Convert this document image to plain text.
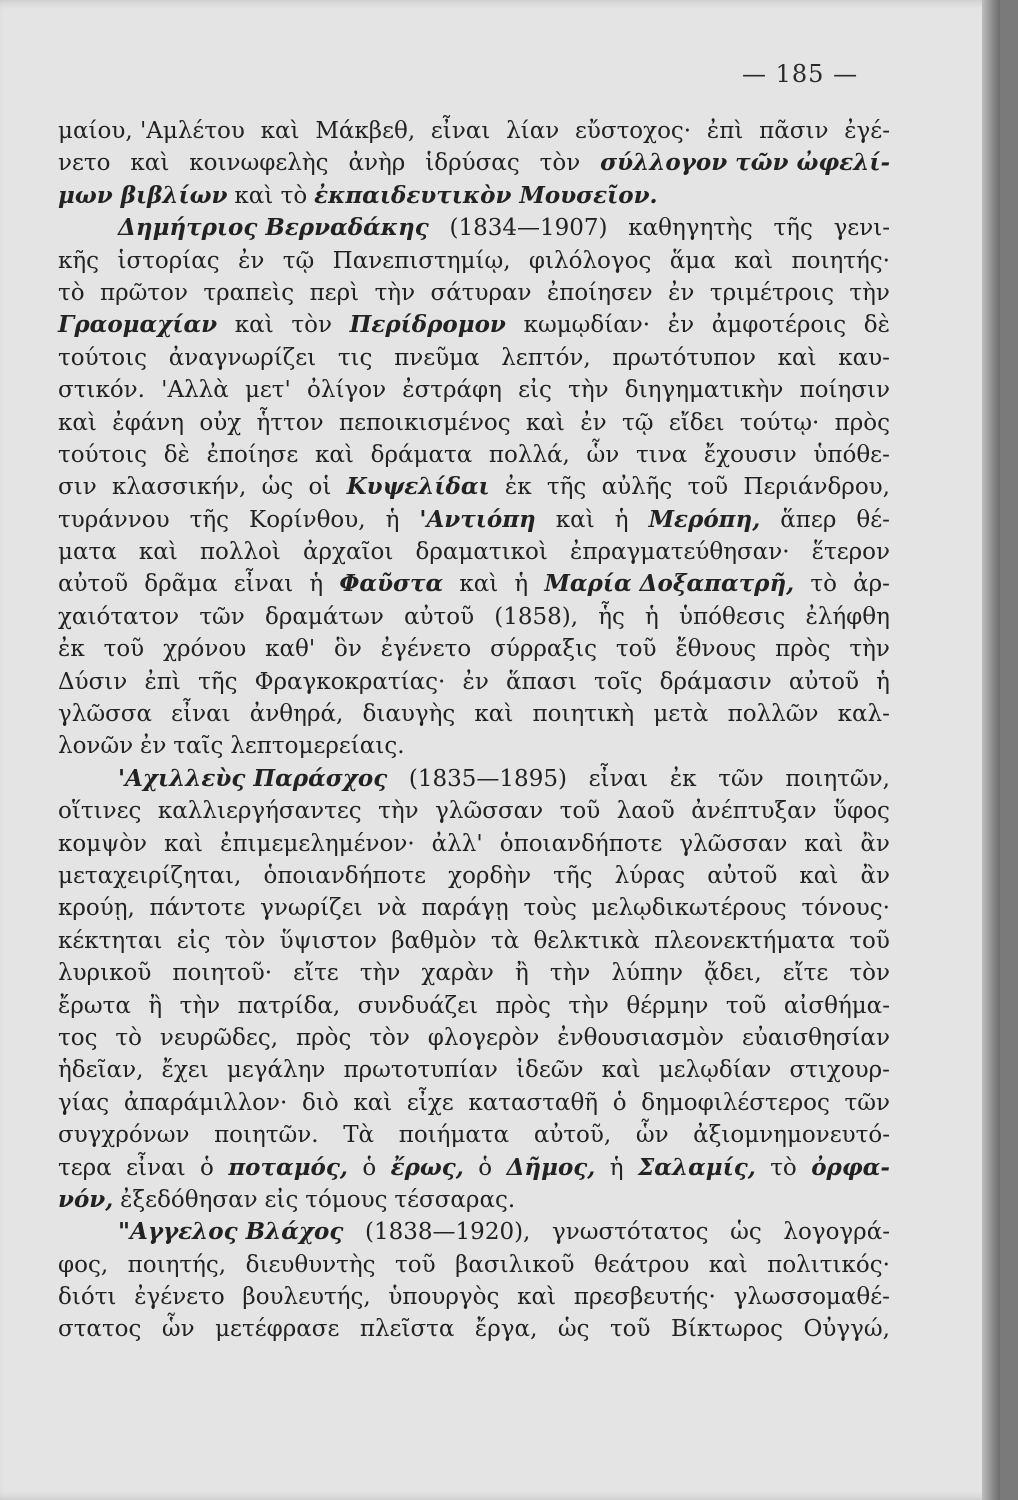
— 185 —
μαίου, 'Αμλέτου καὶ Μάκβεθ, εἶναι λίαν εὔστοχος· ἐπὶ πᾶσιν ἐγέ-
νετο καὶ κοινωφελὴς ἀνὴρ ἱδρύσας τὸν σύλλογον τῶν ὠφελί-
μων βιβλίων καὶ τὸ ἐκπαιδευτικὸν Μουσεῖον.
Δημήτριος Βερναδάκης (1834—1907) καθηγητὴς τῆς γενι-
κῆς ἱστορίας ἐν τῷ Πανεπιστημίῳ, φιλόλογος ἅμα καὶ ποιητής·
τὸ πρῶτον τραπεὶς περὶ τὴν σάτυραν ἐποίησεν ἐν τριμέτροις τὴν
Γραομαχίαν καὶ τὸν Περίδρομον κωμῳδίαν· ἐν ἀμφοτέροις δὲ
τούτοις ἀναγνωρίζει τις πνεῦμα λεπτόν, πρωτότυπον καὶ καυ-
στικόν. 'Αλλὰ μετ' ὀλίγον ἐστράφη εἰς τὴν διηγηματικὴν ποίησιν
καὶ ἐφάνη οὐχ ἧττον πεποικισμένος καὶ ἐν τῷ εἴδει τούτῳ· πρὸς
τούτοις δὲ ἐποίησε καὶ δράματα πολλά, ὧν τινα ἔχουσιν ὑπόθε-
σιν κλασσικήν, ὡς οἱ Κυψελίδαι ἐκ τῆς αὐλῆς τοῦ Περιάνδρου,
τυράννου τῆς Κορίνθου, ἡ 'Αντιόπη καὶ ἡ Μερόπη, ἅπερ θέ-
ματα καὶ πολλοὶ ἀρχαῖοι δραματικοὶ ἐπραγματεύθησαν· ἕτερον
αὐτοῦ δρᾶμα εἶναι ἡ Φαῦστα καὶ ἡ Μαρία Δοξαπατρῆ, τὸ ἀρ-
χαιότατον τῶν δραμάτων αὐτοῦ (1858), ἧς ἡ ὑπόθεσις ἐλήφθη
ἐκ τοῦ χρόνου καθ' ὃν ἐγένετο σύρραξις τοῦ ἔθνους πρὸς τὴν
Δύσιν ἐπὶ τῆς Φραγκοκρατίας· ἐν ἅπασι τοῖς δράμασιν αὐτοῦ ἡ
γλῶσσα εἶναι ἀνθηρά, διαυγὴς καὶ ποιητικὴ μετὰ πολλῶν καλ-
λονῶν ἐν ταῖς λεπτομερείαις.
'Αχιλλεὺς Παράσχος (1835—1895) εἶναι ἐκ τῶν ποιητῶν,
οἵτινες καλλιεργήσαντες τὴν γλῶσσαν τοῦ λαοῦ ἀνέπτυξαν ὕφος
κομψὸν καὶ ἐπιμεμελημένον· ἀλλ' ὁποιανδήποτε γλῶσσαν καὶ ἂν
μεταχειρίζηται, ὁποιανδήποτε χορδὴν τῆς λύρας αὐτοῦ καὶ ἂν
κρούῃ, πάντοτε γνωρίζει νὰ παράγῃ τοὺς μελῳδικωτέρους τόνους·
κέκτηται εἰς τὸν ὕψιστον βαθμὸν τὰ θελκτικὰ πλεονεκτήματα τοῦ
λυρικοῦ ποιητοῦ· εἴτε τὴν χαρὰν ἢ τὴν λύπην ᾄδει, εἴτε τὸν
ἔρωτα ἢ τὴν πατρίδα, συνδυάζει πρὸς τὴν θέρμην τοῦ αἰσθήμα-
τος τὸ νευρῶδες, πρὸς τὸν φλογερὸν ἐνθουσιασμὸν εὐαισθησίαν
ἡδεῖαν, ἔχει μεγάλην πρωτοτυπίαν ἰδεῶν καὶ μελῳδίαν στιχουρ-
γίας ἀπαράμιλλον· διὸ καὶ εἶχε κατασταθῆ ὁ δημοφιλέστερος τῶν
συγχρόνων ποιητῶν. Τὰ ποιήματα αὐτοῦ, ὧν ἀξιομνημονευτό-
τερα εἶναι ὁ ποταμός, ὁ ἔρως, ὁ Δῆμος, ἡ Σαλαμίς, τὸ ὀρφα-
νόν, ἐξεδόθησαν εἰς τόμους τέσσαρας.
"Αγγελος Βλάχος (1838—1920), γνωστότατος ὡς λογογρά-
φος, ποιητής, διευθυντὴς τοῦ βασιλικοῦ θεάτρου καὶ πολιτικός·
διότι ἐγένετο βουλευτής, ὑπουργὸς καὶ πρεσβευτής· γλωσσομαθέ-
στατος ὧν μετέφρασε πλεῖστα ἔργα, ὡς τοῦ Βίκτωρος Οὐγγώ,
